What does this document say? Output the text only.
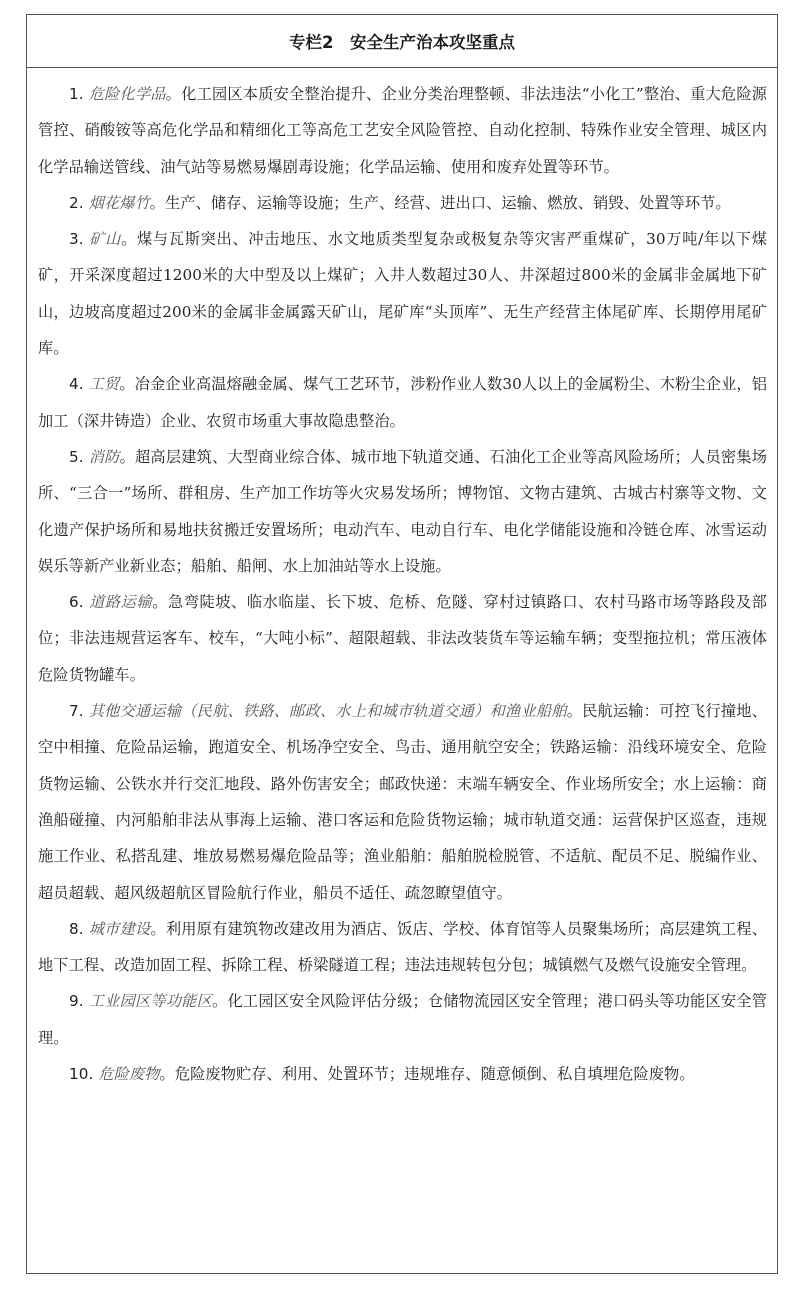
专栏2　安全生产治本攻坚重点

1. 危险化学品。化工园区本质安全整治提升、企业分类治理整顿、非法违法“小化工”整治、重大危险源管控、硝酸铵等高危化学品和精细化工等高危工艺安全风险管控、自动化控制、特殊作业安全管理、城区内化学品输送管线、油气站等易燃易爆剧毒设施；化学品运输、使用和废弃处置等环节。

2. 烟花爆竹。生产、储存、运输等设施；生产、经营、进出口、运输、燃放、销毁、处置等环节。

3. 矿山。煤与瓦斯突出、冲击地压、水文地质类型复杂或极复杂等灾害严重煤矿，30万吨/年以下煤矿，开采深度超过1200米的大中型及以上煤矿；入井人数超过30人、井深超过800米的金属非金属地下矿山，边坡高度超过200米的金属非金属露天矿山，尾矿库“头顶库”、无生产经营主体尾矿库、长期停用尾矿库。

4. 工贸。冶金企业高温熔融金属、煤气工艺环节，涉粉作业人数30人以上的金属粉尘、木粉尘企业，铝加工（深井铸造）企业、农贸市场重大事故隐患整治。

5. 消防。超高层建筑、大型商业综合体、城市地下轨道交通、石油化工企业等高风险场所；人员密集场所、“三合一”场所、群租房、生产加工作坊等火灾易发场所；博物馆、文物古建筑、古城古村寨等文物、文化遗产保护场所和易地扶贫搬迁安置场所；电动汽车、电动自行车、电化学储能设施和冷链仓库、冰雪运动娱乐等新产业新业态；船舶、船闸、水上加油站等水上设施。

6. 道路运输。急弯陡坡、临水临崖、长下坡、危桥、危隧、穿村过镇路口、农村马路市场等路段及部位；非法违规营运客车、校车，“大吨小标”、超限超载、非法改装货车等运输车辆；变型拖拉机；常压液体危险货物罐车。

7. 其他交通运输（民航、铁路、邮政、水上和城市轨道交通）和渔业船舶。民航运输：可控飞行撞地、空中相撞、危险品运输，跑道安全、机场净空安全、鸟击、通用航空安全；铁路运输：沿线环境安全、危险货物运输、公铁水并行交汇地段、路外伤害安全；邮政快递：末端车辆安全、作业场所安全；水上运输：商渔船碰撞、内河船舶非法从事海上运输、港口客运和危险货物运输；城市轨道交通：运营保护区巡查，违规施工作业、私搭乱建、堆放易燃易爆危险品等；渔业船舶：船舶脱检脱管、不适航、配员不足、脱编作业、超员超载、超风级超航区冒险航行作业，船员不适任、疏忽瞭望值守。

8. 城市建设。利用原有建筑物改建改用为酒店、饭店、学校、体育馆等人员聚集场所；高层建筑工程、地下工程、改造加固工程、拆除工程、桥梁隧道工程；违法违规转包分包；城镇燃气及燃气设施安全管理。

9. 工业园区等功能区。化工园区安全风险评估分级；仓储物流园区安全管理；港口码头等功能区安全管理。

10. 危险废物。危险废物贮存、利用、处置环节；违规堆存、随意倾倒、私自填埋危险废物。
